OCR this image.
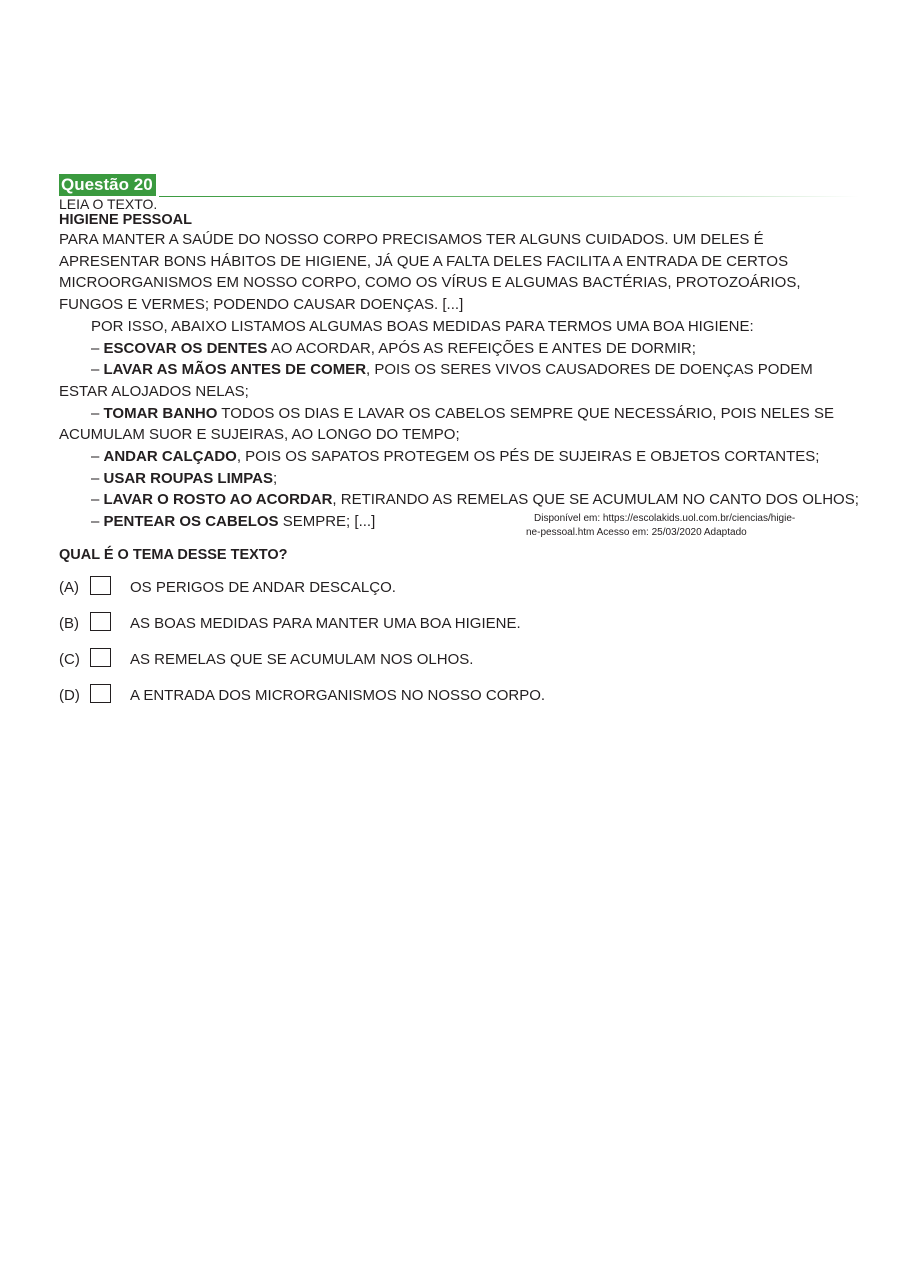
Questão 20

LEIA O TEXTO.

HIGIENE PESSOAL

PARA MANTER A SAÚDE DO NOSSO CORPO PRECISAMOS TER ALGUNS CUIDADOS. UM DELES É APRESENTAR BONS HÁBITOS DE HIGIENE, JÁ QUE A FALTA DELES FACILITA A ENTRADA DE CERTOS MICROORGANISMOS EM NOSSO CORPO, COMO OS VÍRUS E ALGUMAS BACTÉRIAS, PROTOZOÁRIOS, FUNGOS E VERMES; PODENDO CAUSAR DOENÇAS. [...]

POR ISSO, ABAIXO LISTAMOS ALGUMAS BOAS MEDIDAS PARA TERMOS UMA BOA HIGIENE:

– ESCOVAR OS DENTES AO ACORDAR, APÓS AS REFEIÇÕES E ANTES DE DORMIR;

– LAVAR AS MÃOS ANTES DE COMER, POIS OS SERES VIVOS CAUSADORES DE DOENÇAS PODEM ESTAR ALOJADOS NELAS;

– TOMAR BANHO TODOS OS DIAS E LAVAR OS CABELOS SEMPRE QUE NECESSÁRIO, POIS NELES SE ACUMULAM SUOR E SUJEIRAS, AO LONGO DO TEMPO;

– ANDAR CALÇADO, POIS OS SAPATOS PROTEGEM OS PÉS DE SUJEIRAS E OBJETOS CORTANTES;

– USAR ROUPAS LIMPAS;

– LAVAR O ROSTO AO ACORDAR, RETIRANDO AS REMELAS QUE SE ACUMULAM NO CANTO DOS OLHOS;

– PENTEAR OS CABELOS SEMPRE; [...]	Disponível em: https://escolakids.uol.com.br/ciencias/higie-
ne-pessoal.htm Acesso em: 25/03/2020 Adaptado

QUAL É O TEMA DESSE TEXTO?

(A)	OS PERIGOS DE ANDAR DESCALÇO.
(B)	AS BOAS MEDIDAS PARA MANTER UMA BOA HIGIENE.
(C)	AS REMELAS QUE SE ACUMULAM NOS OLHOS.
(D)	A ENTRADA DOS MICRORGANISMOS NO NOSSO CORPO.
